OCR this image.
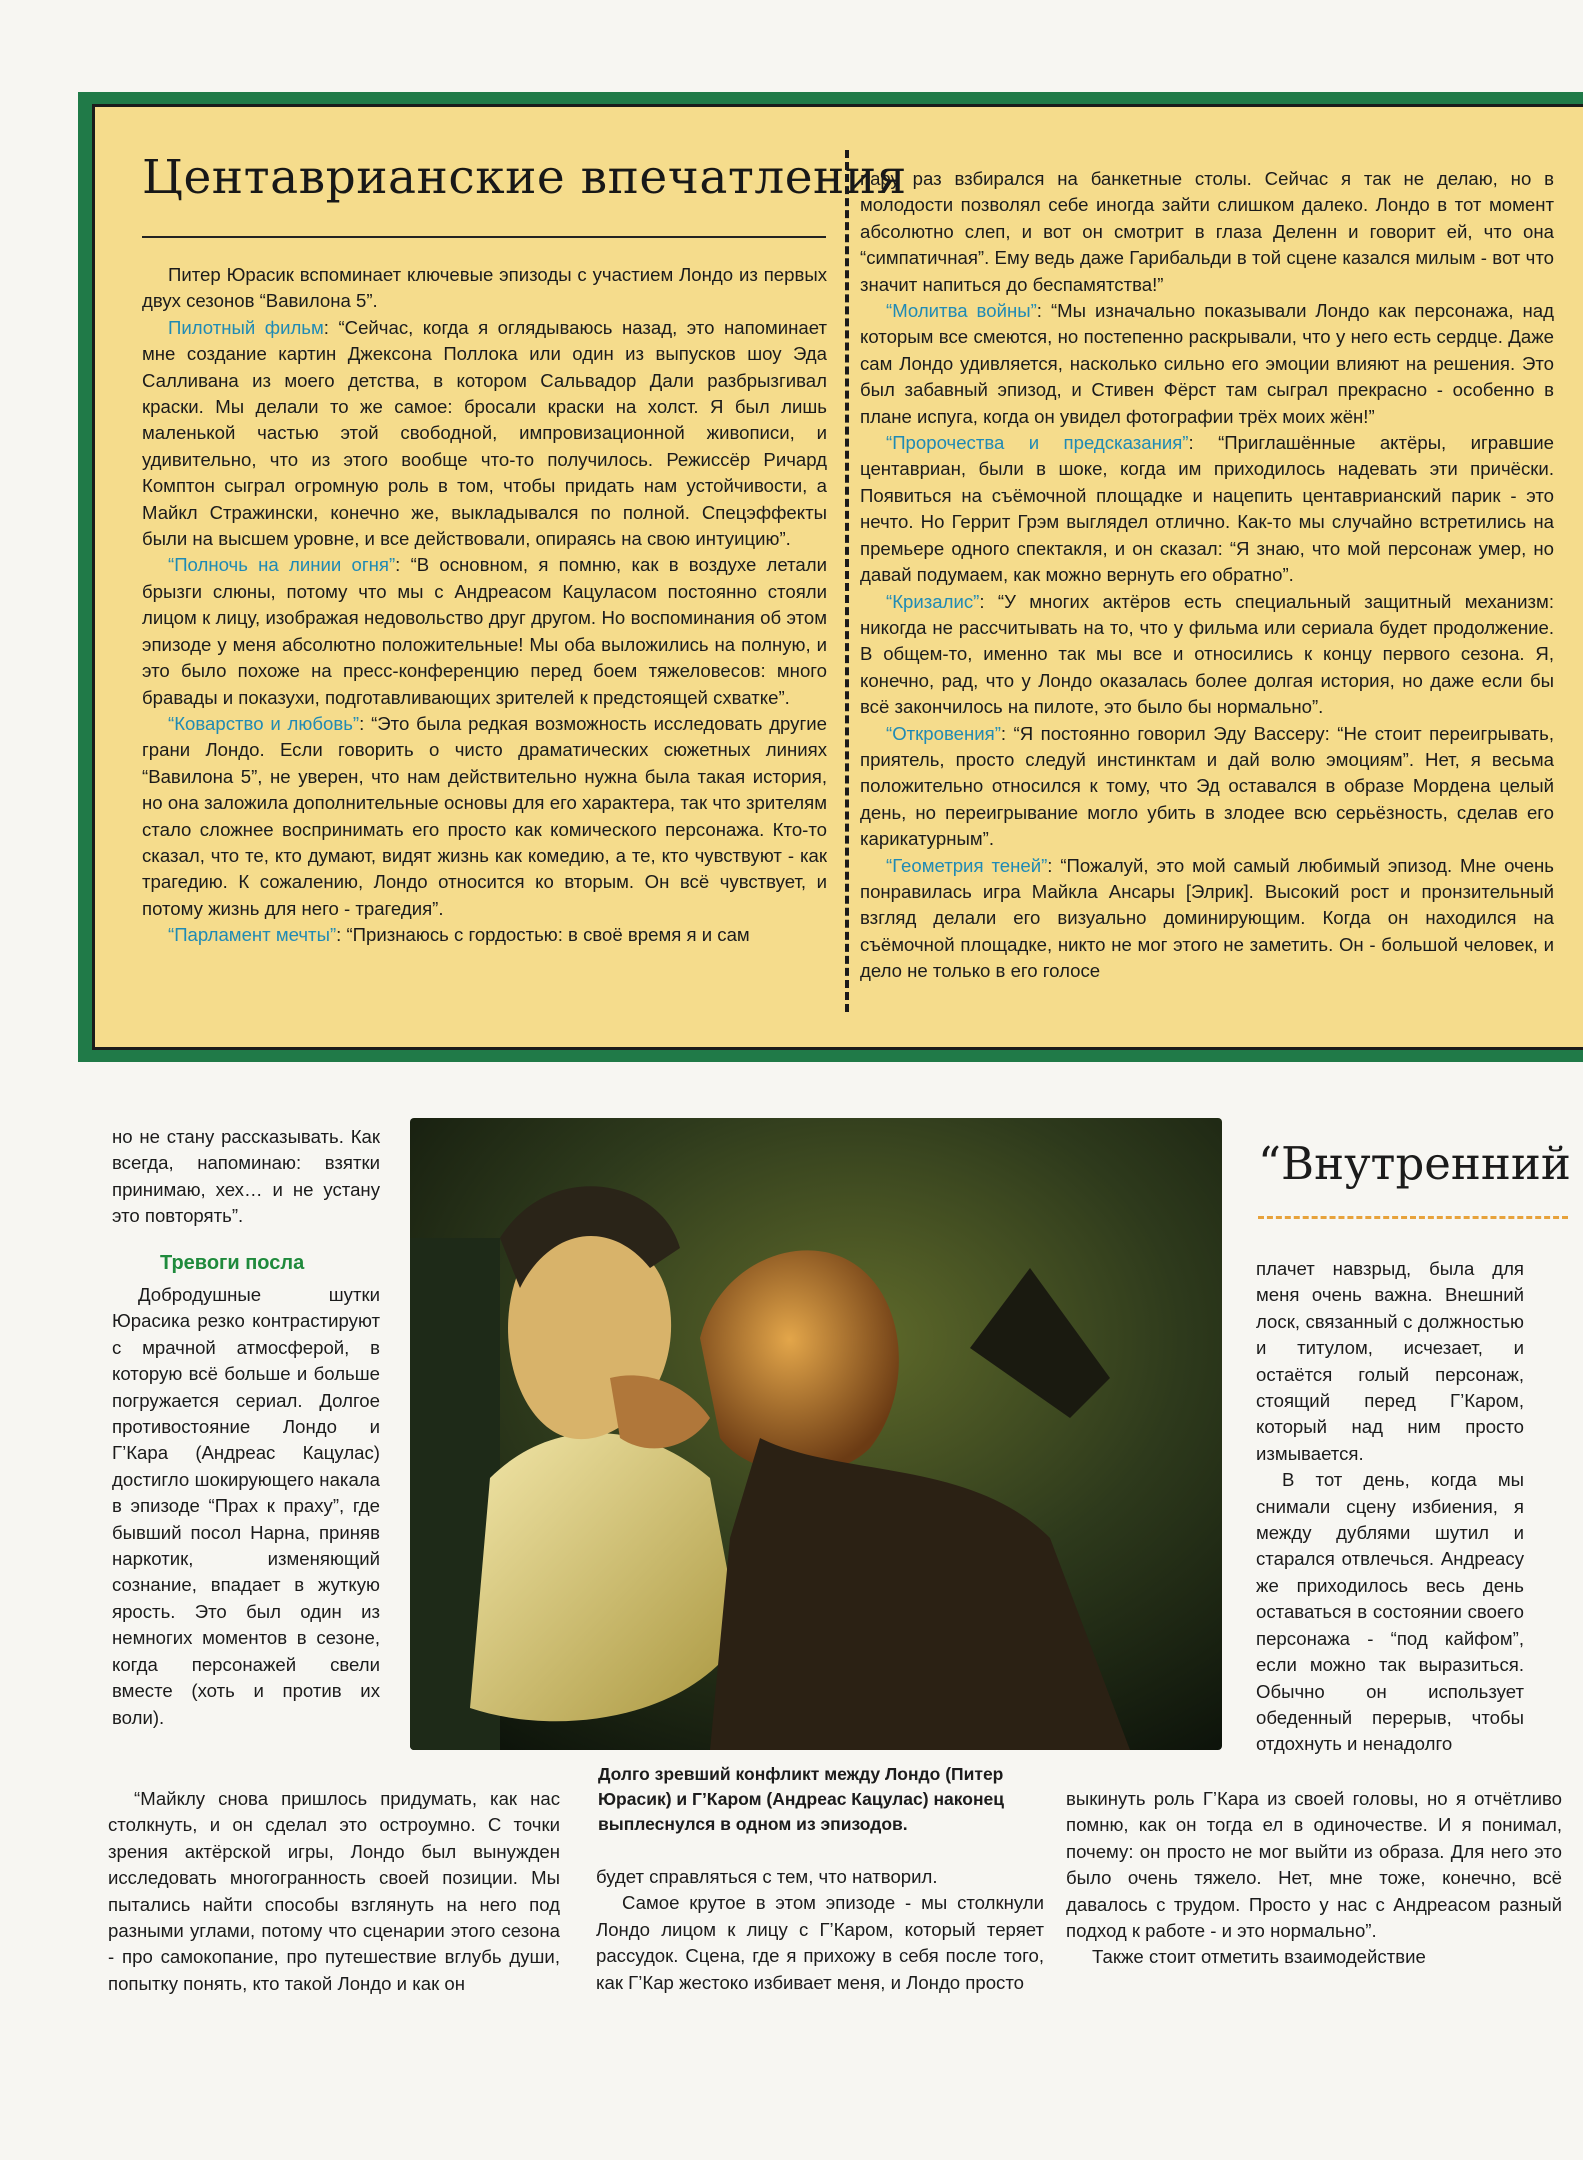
Центаврианские впечатления

Питер Юрасик вспоминает ключевые эпизоды с участием Лондо из первых двух сезонов “Вавилона 5”.

Пилотный фильм: “Сейчас, когда я оглядываюсь назад, это напоминает мне создание картин Джексона Поллока или один из выпусков шоу Эда Салливана из моего детства, в котором Сальвадор Дали разбрызгивал краски. Мы делали то же самое: бросали краски на холст. Я был лишь маленькой частью этой свободной, импровизационной живописи, и удивительно, что из этого вообще что-то получилось. Режиссёр Ричард Комптон сыграл огромную роль в том, чтобы придать нам устойчивости, а Майкл Стражински, конечно же, выкладывался по полной. Спецэффекты были на высшем уровне, и все действовали, опираясь на свою интуицию”.

“Полночь на линии огня”: “В основном, я помню, как в воздухе летали брызги слюны, потому что мы с Андреасом Кацуласом постоянно стояли лицом к лицу, изображая недовольство друг другом. Но воспоминания об этом эпизоде у меня абсолютно положительные! Мы оба выложились на полную, и это было похоже на пресс-конференцию перед боем тяжеловесов: много бравады и показухи, подготавливающих зрителей к предстоящей схватке”.

“Коварство и любовь”: “Это была редкая возможность исследовать другие грани Лондо. Если говорить о чисто драматических сюжетных линиях “Вавилона 5”, не уверен, что нам действительно нужна была такая история, но она заложила дополнительные основы для его характера, так что зрителям стало сложнее воспринимать его просто как комического персонажа. Кто-то сказал, что те, кто думают, видят жизнь как комедию, а те, кто чувствуют - как трагедию. К сожалению, Лондо относится ко вторым. Он всё чувствует, и потому жизнь для него - трагедия”.

“Парламент мечты”: “Признаюсь с гордостью: в своё время я и сам

пару раз взбирался на банкетные столы. Сейчас я так не делаю, но в молодости позволял себе иногда зайти слишком далеко. Лондо в тот момент абсолютно слеп, и вот он смотрит в глаза Деленн и говорит ей, что она “симпатичная”. Ему ведь даже Гарибальди в той сцене казался милым - вот что значит напиться до беспамятства!”

“Молитва войны”: “Мы изначально показывали Лондо как персонажа, над которым все смеются, но постепенно раскрывали, что у него есть сердце. Даже сам Лондо удивляется, насколько сильно его эмоции влияют на решения. Это был забавный эпизод, и Стивен Фёрст там сыграл прекрасно - особенно в плане испуга, когда он увидел фотографии трёх моих жён!”

“Пророчества и предсказания”: “Приглашённые актёры, игравшие центавриан, были в шоке, когда им приходилось надевать эти причёски. Появиться на съёмочной площадке и нацепить центаврианский парик - это нечто. Но Геррит Грэм выглядел отлично. Как-то мы случайно встретились на премьере одного спектакля, и он сказал: “Я знаю, что мой персонаж умер, но давай подумаем, как можно вернуть его обратно”.

“Кризалис”: “У многих актёров есть специальный защитный механизм: никогда не рассчитывать на то, что у фильма или сериала будет продолжение. В общем-то, именно так мы все и относились к концу первого сезона. Я, конечно, рад, что у Лондо оказалась более долгая история, но даже если бы всё закончилось на пилоте, это было бы нормально”.

“Откровения”: “Я постоянно говорил Эду Вассеру: “Не стоит переигрывать, приятель, просто следуй инстинктам и дай волю эмоциям”. Нет, я весьма положительно относился к тому, что Эд оставался в образе Мордена целый день, но переигрывание могло убить в злодее всю серьёзность, сделав его карикатурным”.

“Геометрия теней”: “Пожалуй, это мой самый любимый эпизод. Мне очень понравилась игра Майкла Ансары [Элрик]. Высокий рост и пронзительный взгляд делали его визуально доминирующим. Когда он находился на съёмочной площадке, никто не мог этого не заметить. Он - большой человек, и дело не только в его голосе

Долго зревший конфликт между Лондо (Питер Юрасик) и Г’Каром (Андреас Кацулас) наконец выплеснулся в одном из эпизодов.
“Внутренний

но не стану рассказывать. Как всегда, напоминаю: взятки принимаю, хех… и не устану это повторять”.

Тревоги посла

Добродушные шутки Юрасика резко контрастируют с мрачной атмосферой, в которую всё больше и больше погружается сериал. Долгое противостояние Лондо и Г’Кара (Андреас Кацулас) достигло шокирующего накала в эпизоде “Прах к праху”, где бывший посол Нарна, приняв наркотик, изменяющий сознание, впадает в жуткую ярость. Это был один из немногих моментов в сезоне, когда персонажей свели вместе (хоть и против их воли).

“Майклу снова пришлось придумать, как нас столкнуть, и он сделал это остроумно. С точки зрения актёрской игры, Лондо был вынужден исследовать многогранность своей позиции. Мы пытались найти способы взглянуть на него под разными углами, потому что сценарии этого сезона - про самокопание, про путешествие вглубь души, попытку понять, кто такой Лондо и как он

будет справляться с тем, что натворил.

Самое крутое в этом эпизоде - мы столкнули Лондо лицом к лицу с Г’Каром, который теряет рассудок. Сцена, где я прихожу в себя после того, как Г’Кар жестоко избивает меня, и Лондо просто

плачет навзрыд, была для меня очень важна. Внешний лоск, связанный с должностью и титулом, исчезает, и остаётся голый персонаж, стоящий перед Г’Каром, который над ним просто измывается.

В тот день, когда мы снимали сцену избиения, я между дублями шутил и старался отвлечься. Андреасу же приходилось весь день оставаться в состоянии своего персонажа - “под кайфом”, если можно так выразиться. Обычно он использует обеденный перерыв, чтобы отдохнуть и ненадолго

выкинуть роль Г’Кара из своей головы, но я отчётливо помню, как он тогда ел в одиночестве. И я понимал, почему: он просто не мог выйти из образа. Для него это было очень тяжело. Нет, мне тоже, конечно, всё давалось с трудом. Просто у нас с Андреасом разный подход к работе - и это нормально”.

Также стоит отметить взаимодействие
